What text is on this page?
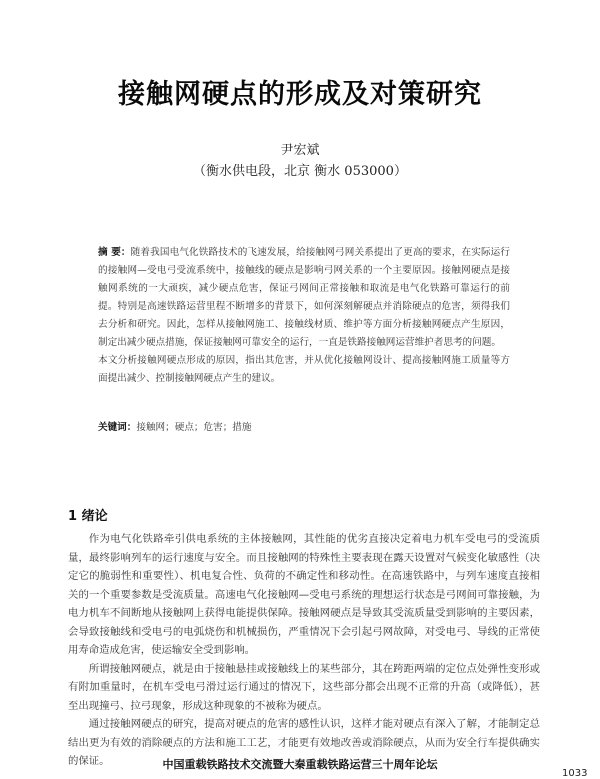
接触网硬点的形成及对策研究
尹宏斌
（衡水供电段，北京 衡水 053000）

摘 要：随着我国电气化铁路技术的飞速发展，给接触网弓网关系提出了更高的要求，在实际运行的接触网—受电弓受流系统中，接触线的硬点是影响弓网关系的一个主要原因。接触网硬点是接触网系统的一大顽疾，减少硬点危害，保证弓网间正常接触和取流是电气化铁路可靠运行的前提。特别是高速铁路运营里程不断增多的背景下，如何深刻解硬点并消除硬点的危害，须得我们去分析和研究。因此，怎样从接触网施工、接触线材质、维护等方面分析接触网硬点产生原因，制定出减少硬点措施，保证接触网可靠安全的运行，一直是铁路接触网运营维护者思考的问题。

本文分析接触网硬点形成的原因，指出其危害，并从优化接触网设计、提高接触网施工质量等方面提出减少、控制接触网硬点产生的建议。

关键词：接触网；硬点；危害；措施
1 绪论

作为电气化铁路牵引供电系统的主体接触网，其性能的优劣直接决定着电力机车受电弓的受流质量，最终影响列车的运行速度与安全。而且接触网的特殊性主要表现在露天设置对气候变化敏感性（决定它的脆弱性和重要性）、机电复合性、负荷的不确定性和移动性。在高速铁路中，与列车速度直接相关的一个重要参数是受流质量。高速电气化接触网—受电弓系统的理想运行状态是弓网间可靠接触，为电力机车不间断地从接触网上获得电能提供保障。接触网硬点是导致其受流质量受到影响的主要因素，会导致接触线和受电弓的电弧烧伤和机械损伤，严重情况下会引起弓网故障，对受电弓、导线的正常使用寿命造成危害，使运输安全受到影响。

所谓接触网硬点，就是由于接触悬挂或接触线上的某些部分，其在跨距两端的定位点处弹性变形或有附加重量时，在机车受电弓滑过运行通过的情况下，这些部分都会出现不正常的升高（或降低），甚至出现撞弓、拉弓现象，形成这种现象的不被称为硬点。

通过接触网硬点的研究，提高对硬点的危害的感性认识，这样才能对硬点有深入了解，才能制定总结出更为有效的消除硬点的方法和施工工艺，才能更有效地改善或消除硬点，从而为安全行车提供确实的保证。	中国重载铁路技术交流暨大秦重载铁路运营三十周年论坛
1033
